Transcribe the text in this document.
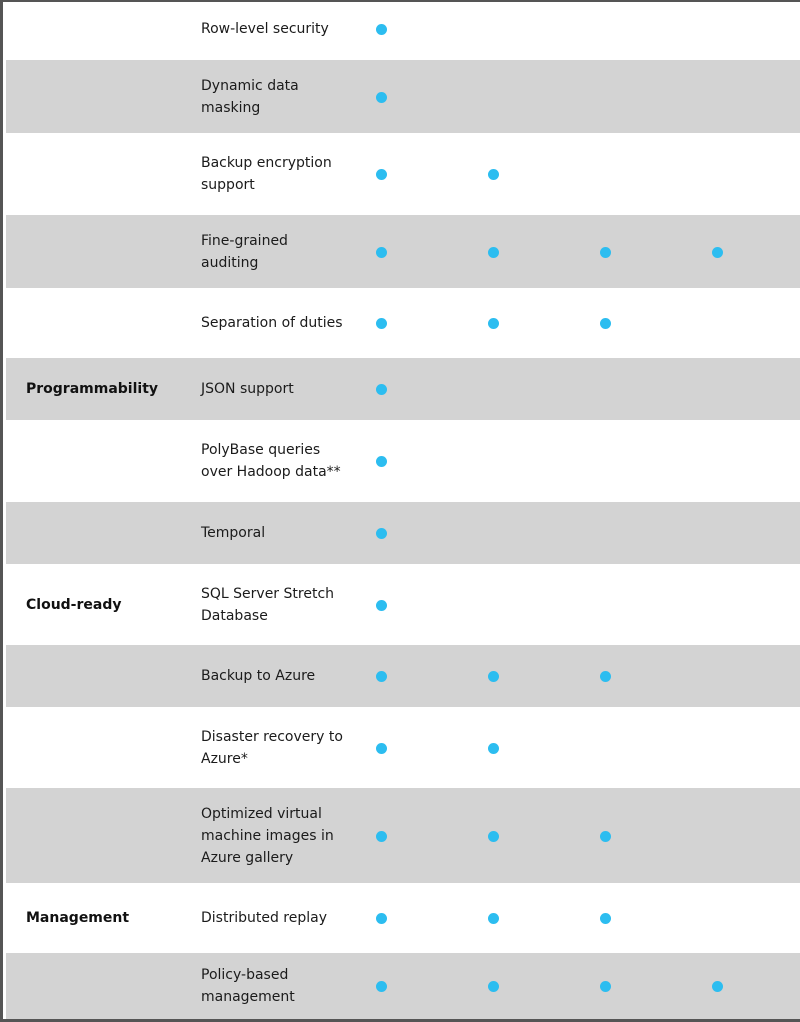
Row-level security
Dynamic data masking
Backup encryption support
Fine-grained auditing
Separation of duties
Programmability	JSON support
PolyBase queries over Hadoop data**
Temporal
Cloud-ready
SQL Server Stretch Database
Backup to Azure
Disaster recovery to Azure*
Optimized virtual machine images in Azure gallery
Management	Distributed replay
Policy-based management
